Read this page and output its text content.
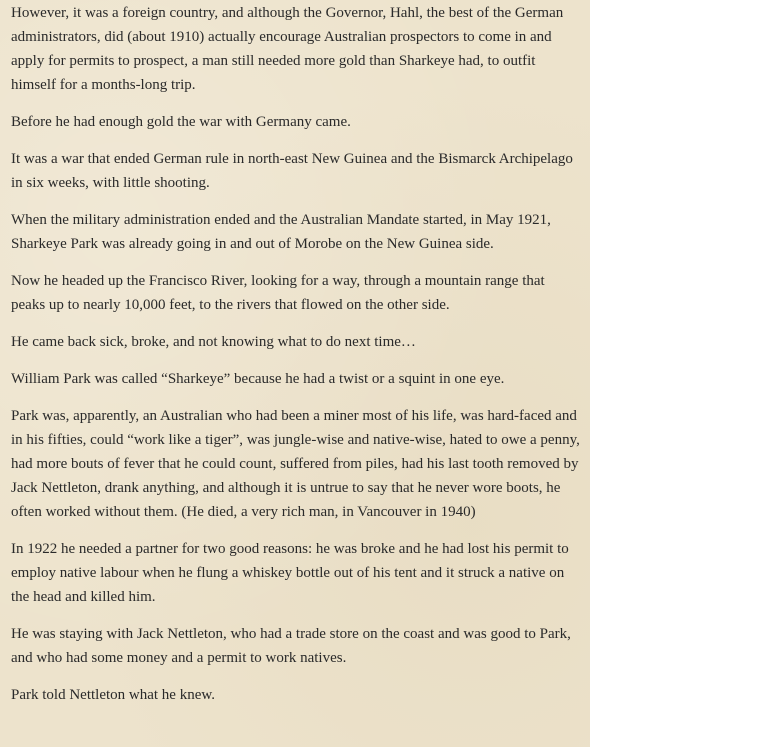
However, it was a foreign country, and although the Governor, Hahl, the best of the German administrators, did (about 1910) actually encourage Australian prospectors to come in and apply for permits to prospect, a man still needed more gold than Sharkeye had, to outfit himself for a months-long trip.

Before he had enough gold the war with Germany came.

It was a war that ended German rule in north-east New Guinea and the Bismarck Archipelago in six weeks, with little shooting.

When the military administration ended and the Australian Mandate started, in May 1921, Sharkeye Park was already going in and out of Morobe on the New Guinea side.

Now he headed up the Francisco River, looking for a way, through a mountain range that peaks up to nearly 10,000 feet, to the rivers that flowed on the other side.

He came back sick, broke, and not knowing what to do next time…

William Park was called “Sharkeye” because he had a twist or a squint in one eye.

Park was, apparently, an Australian who had been a miner most of his life, was hard-faced and in his fifties, could “work like a tiger”, was jungle-wise and native-wise, hated to owe a penny, had more bouts of fever that he could count, suffered from piles, had his last tooth removed by Jack Nettleton, drank anything, and although it is untrue to say that he never wore boots, he often worked without them. (He died, a very rich man, in Vancouver in 1940)

In 1922 he needed a partner for two good reasons: he was broke and he had lost his permit to employ native labour when he flung a whiskey bottle out of his tent and it struck a native on the head and killed him.

He was staying with Jack Nettleton, who had a trade store on the coast and was good to Park, and who had some money and a permit to work natives.

Park told Nettleton what he knew.
